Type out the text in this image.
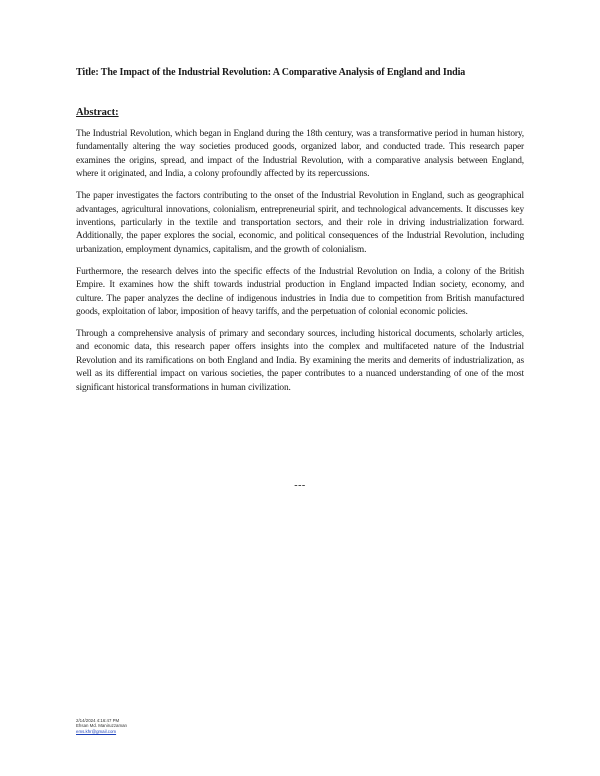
Title: The Impact of the Industrial Revolution: A Comparative Analysis of England and India
Abstract:

The Industrial Revolution, which began in England during the 18th century, was a transformative period in human history, fundamentally altering the way societies produced goods, organized labor, and conducted trade. This research paper examines the origins, spread, and impact of the Industrial Revolution, with a comparative analysis between England, where it originated, and India, a colony profoundly affected by its repercussions.

The paper investigates the factors contributing to the onset of the Industrial Revolution in England, such as geographical advantages, agricultural innovations, colonialism, entrepreneurial spirit, and technological advancements. It discusses key inventions, particularly in the textile and transportation sectors, and their role in driving industrialization forward. Additionally, the paper explores the social, economic, and political consequences of the Industrial Revolution, including urbanization, employment dynamics, capitalism, and the growth of colonialism.

Furthermore, the research delves into the specific effects of the Industrial Revolution on India, a colony of the British Empire. It examines how the shift towards industrial production in England impacted Indian society, economy, and culture. The paper analyzes the decline of indigenous industries in India due to competition from British manufactured goods, exploitation of labor, imposition of heavy tariffs, and the perpetuation of colonial economic policies.

Through a comprehensive analysis of primary and secondary sources, including historical documents, scholarly articles, and economic data, this research paper offers insights into the complex and multifaceted nature of the Industrial Revolution and its ramifications on both England and India. By examining the merits and demerits of industrialization, as well as its differential impact on various societies, the paper contributes to a nuanced understanding of one of the most significant historical transformations in human civilization.

---
2/14/2024 4:16:47 PM
Ehsan Md. Maniruzzaman
ems.khr@gmail.com
